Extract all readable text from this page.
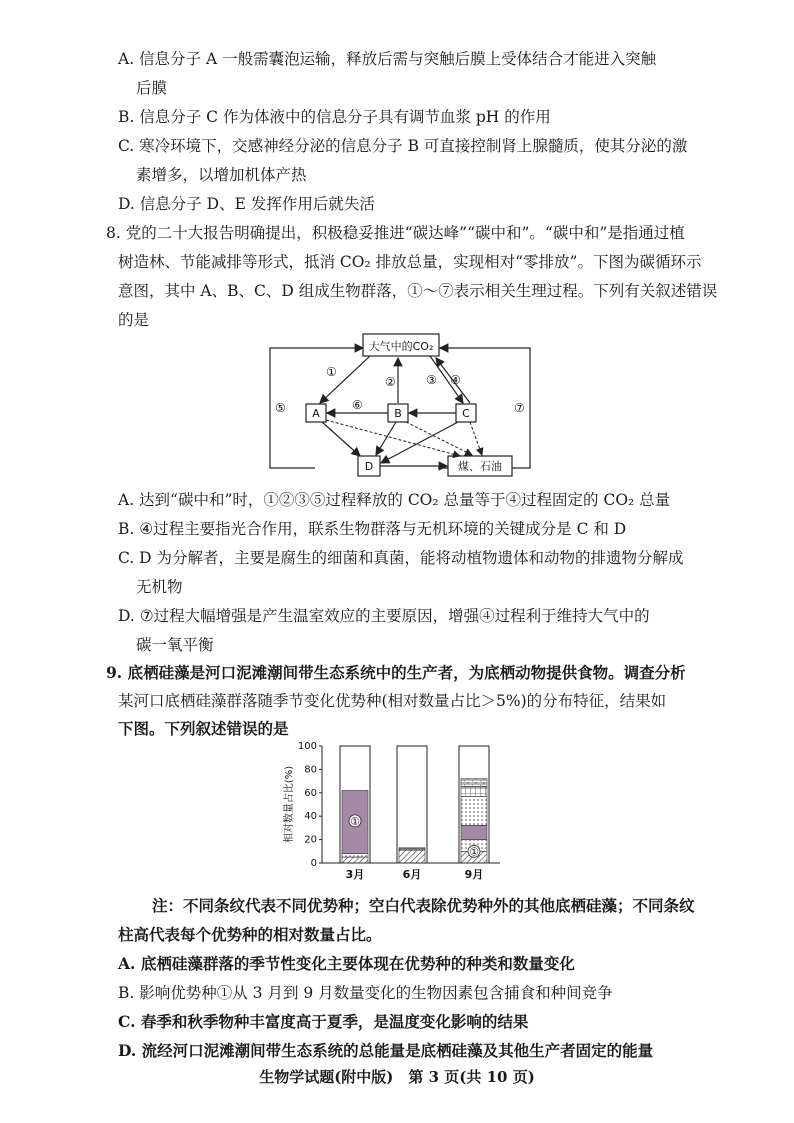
A. 信息分子 A 一般需囊泡运输，释放后需与突触后膜上受体结合才能进入突触
后膜
B. 信息分子 C 作为体液中的信息分子具有调节血浆 pH 的作用
C. 寒冷环境下，交感神经分泌的信息分子 B 可直接控制肾上腺髓质，使其分泌的激
素增多，以增加机体产热
D. 信息分子 D、E 发挥作用后就失活
8. 党的二十大报告明确提出，积极稳妥推进“碳达峰”“碳中和”。“碳中和”是指通过植
树造林、节能减排等形式，抵消 CO₂ 排放总量，实现相对“零排放”。下图为碳循环示
意图，其中 A、B、C、D 组成生物群落，①～⑦表示相关生理过程。下列有关叙述错误
的是
大气中的CO₂
A	B	C
D	煤、石油
①
②	③ ④
⑤	⑥	⑦
A. 达到“碳中和”时，①②③⑤过程释放的 CO₂ 总量等于④过程固定的 CO₂ 总量
B. ④过程主要指光合作用，联系生物群落与无机环境的关键成分是 C 和 D
C. D 为分解者，主要是腐生的细菌和真菌，能将动植物遗体和动物的排遗物分解成
无机物
D. ⑦过程大幅增强是产生温室效应的主要原因，增强④过程利于维持大气中的
碳一氧平衡
9. 底栖硅藻是河口泥滩潮间带生态系统中的生产者，为底栖动物提供食物。调查分析
某河口底栖硅藻群落随季节变化优势种(相对数量占比＞5%)的分布特征，结果如
下图。下列叙述错误的是
0
20
40
60
80
100
相对数量占比(%)
3月	6月	9月
①
①
注：不同条纹代表不同优势种；空白代表除优势种外的其他底栖硅藻；不同条纹
柱高代表每个优势种的相对数量占比。
A. 底栖硅藻群落的季节性变化主要体现在优势种的种类和数量变化
B. 影响优势种①从 3 月到 9 月数量变化的生物因素包含捕食和种间竞争
C. 春季和秋季物种丰富度高于夏季，是温度变化影响的结果
D. 流经河口泥滩潮间带生态系统的总能量是底栖硅藻及其他生产者固定的能量
生物学试题(附中版)　第 3 页(共 10 页)
